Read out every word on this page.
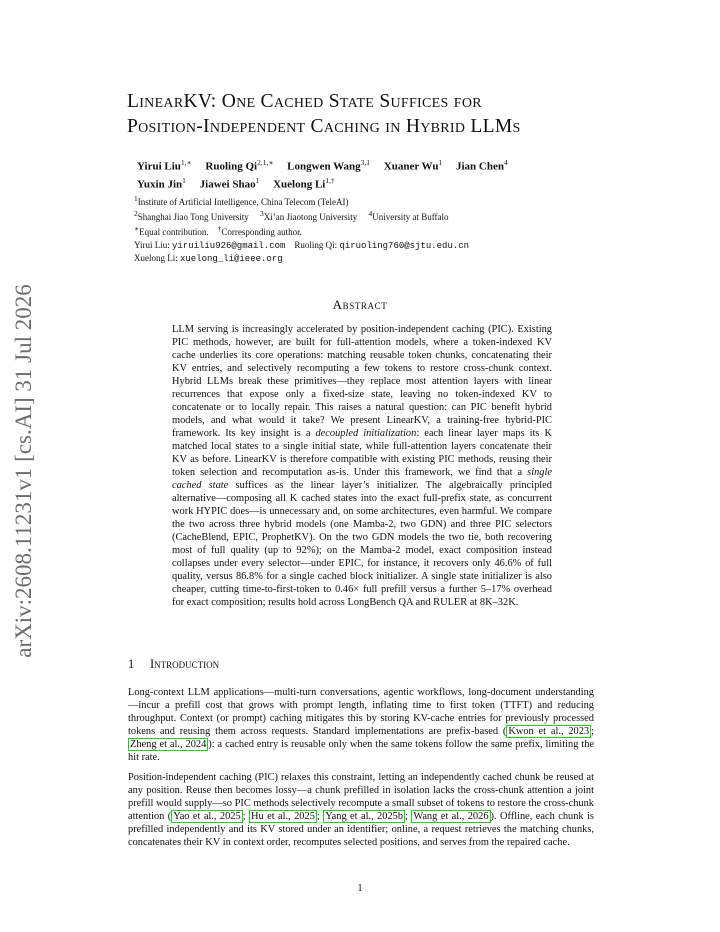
arXiv:2608.11231v1 [cs.AI] 31 Jul 2026
LinearKV: One Cached State Suffices for
Position-Independent Caching in Hybrid LLMs
Yirui Liu$^{1,∗}$ Ruoling $Qi^{2,1,∗}$ Longwen Wang$^{3,1}$ Xuaner Wu$^1$ Jian Chen$^4$
Yuxin Jin$^1$ Jiawei Shao$^1$ Xuelong $Li^{1,\dagger}$
$^1$Institute of Artificial Intelligence, China Telecom (TeleAI)
$^2$Shanghai Jiao Tong University $^3$Xi’an Jiaotong University $^4$University at Buffalo
∗Equal contribution. †Corresponding author.
Yirui Liu: yiruiliu926@gmail.com Ruoling Qi: qiruoling760@sjtu.edu.cn
Xuelong Li: xuelong_li@ieee.org
Abstract
LLM serving is increasingly accelerated by position-independent caching (PIC). Existing PIC methods, however, are built for full-attention models, where a token-indexed KV cache underlies its core operations: matching reusable token chunks, concatenating their KV entries, and selectively recomputing a few tokens to restore cross-chunk context. Hybrid LLMs break these primitives—they replace most attention layers with linear recurrences that expose only a fixed-size state, leaving no token-indexed KV to concatenate or to locally repair. This raises a natural question: can PIC benefit hybrid models, and what would it take? We present LinearKV, a training-free hybrid-PIC framework. Its key insight is a decoupled initialization: each linear layer maps its K matched local states to a single initial state, while full-attention layers concatenate their KV as before. LinearKV is therefore compatible with existing PIC methods, reusing their token selection and recomputation as-is. Under this framework, we find that a single cached state suffices as the linear layer’s initializer. The algebraically principled alternative—composing all K cached states into the exact full-prefix state, as concurrent work HYPIC does—is unnecessary and, on some architectures, even harmful. We compare the two across three hybrid models (one Mamba-2, two GDN) and three PIC selectors (CacheBlend, EPIC, ProphetKV). On the two GDN models the two tie, both recovering most of full quality (up to 92%); on the Mamba-2 model, exact composition instead collapses under every selector—under EPIC, for instance, it recovers only 46.6% of full quality, versus 86.8% for a single cached block initializer. A single state initializer is also cheaper, cutting time-to-first-token to 0.46× full prefill versus a further 5–17% overhead for exact composition; results hold across LongBench QA and RULER at 8K–32K.
1 Introduction
Long-context LLM applications—multi-turn conversations, agentic workflows, long-document understanding—incur a prefill cost that grows with prompt length, inflating time to first token (TTFT) and reducing throughput. Context (or prompt) caching mitigates this by storing KV-cache entries for previously processed tokens and reusing them across requests. Standard implementations are prefix-based ( Kwon et al., 2023 ; Zheng et al., 2024 ): a cached entry is reusable only when the same tokens follow the same prefix, limiting the hit rate.
Position-independent caching (PIC) relaxes this constraint, letting an independently cached chunk be reused at any position. Reuse then becomes lossy—a chunk prefilled in isolation lacks the cross-chunk attention a joint prefill would supply—so PIC methods selectively recompute a small subset of tokens to restore the cross-chunk attention ( Yao et al., 2025 ; Hu et al., 2025 ; Yang et al., 2025b ; Wang et al., 2026 ). Offline, each chunk is prefilled independently and its KV stored under an identifier; online, a request retrieves the matching chunks, concatenates their KV in context order, recomputes selected positions, and serves from the repaired cache.
1
